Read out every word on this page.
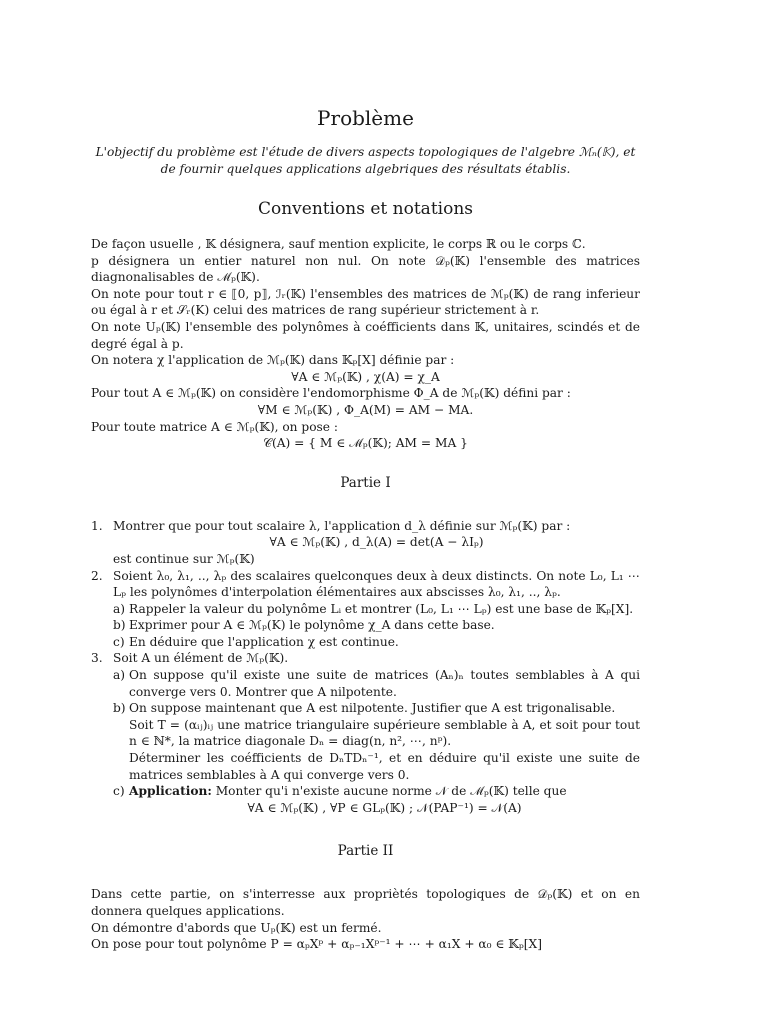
Problème

L'objectif du problème est l'étude de divers aspects topologiques de l'algebre ℳₙ(𝕂), et de fournir quelques applications algebriques des résultats établis.

Conventions et notations

De façon usuelle , 𝕂 désignera, sauf mention explicite, le corps ℝ ou le corps ℂ.

p désignera un entier naturel non nul. On note 𝒟ₚ(𝕂) l'ensemble des matrices diagnonalisables de ℳₚ(𝕂).

On note pour tout r ∈ ⟦0, p⟧, ℐᵣ(𝕂) l'ensembles des matrices de ℳₚ(𝕂) de rang inferieur ou égal à r et 𝒮ᵣ(K) celui des matrices de rang supérieur strictement à r.

On note Uₚ(𝕂) l'ensemble des polynômes à coéfficients dans 𝕂, unitaires, scindés et de degré égal à p.

On notera χ l'application de ℳₚ(𝕂) dans 𝕂ₚ[X] définie par :

∀A ∈ ℳₚ(𝕂) , χ(A) = χ_A

Pour tout A ∈ ℳₚ(𝕂) on considère l'endomorphisme Φ_A de ℳₚ(𝕂) défini par :

∀M ∈ ℳₚ(𝕂) , Φ_A(M) = AM − MA.

Pour toute matrice A ∈ ℳₚ(𝕂), on pose :

𝒞(A) = { M ∈ ℳₚ(𝕂); AM = MA }

Partie I
1. Montrer que pour tout scalaire λ, l'application d_λ définie sur ℳₚ(𝕂) par :

∀A ∈ ℳₚ(𝕂) , d_λ(A) = det(A − λIₚ)

est continue sur ℳₚ(𝕂)

2. Soient λ₀, λ₁, .., λₚ des scalaires quelconques deux à deux distincts. On note L₀, L₁ ⋯ Lₚ les polynômes d'interpolation élémentaires aux abscisses λ₀, λ₁, .., λₚ.

a) Rappeler la valeur du polynôme Lᵢ et montrer (L₀, L₁ ⋯ Lₚ) est une base de 𝕂ₚ[X].

b) Exprimer pour A ∈ ℳₚ(K) le polynôme χ_A dans cette base.

c) En déduire que l'application χ est continue.

3. Soit A un élément de ℳₚ(𝕂).

a) On suppose qu'il existe une suite de matrices (Aₙ)ₙ toutes semblables à A qui converge vers 0. Montrer que A nilpotente.

b) On suppose maintenant que A est nilpotente. Justifier que A est trigonalisable.

Soit T = (αᵢⱼ)ᵢⱼ une matrice triangulaire supérieure semblable à A, et soit pour tout n ∈ ℕ*, la matrice diagonale Dₙ = diag(n, n², ⋯, nᵖ).

Déterminer les coéfficients de DₙTDₙ⁻¹, et en déduire qu'il existe une suite de matrices semblables à A qui converge vers 0.

c) Application: Monter qu'i n'existe aucune norme 𝒩 de ℳₚ(𝕂) telle que

∀A ∈ ℳₚ(𝕂) , ∀P ∈ GLₚ(𝕂) ; 𝒩(PAP⁻¹) = 𝒩(A)

Partie II

Dans cette partie, on s'interresse aux propriètés topologiques de 𝒟ₚ(𝕂) et on en donnera quelques applications.

On démontre d'abords que Uₚ(𝕂) est un fermé.

On pose pour tout polynôme P = αₚXᵖ + αₚ₋₁Xᵖ⁻¹ + ⋯ + α₁X + α₀ ∈ 𝕂ₚ[X]
